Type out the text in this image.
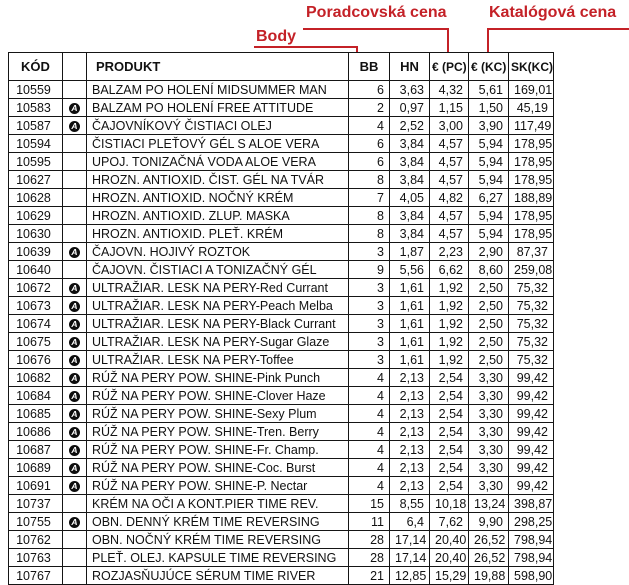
Body
Poradcovská cena	Katalógová cena
KÓD		PRODUKT	BB	HN	€ (PC)	€ (KC)	SK(KC)
10559		BALZAM PO HOLENÍ MIDSUMMER MAN	6	3,63	4,32	5,61	169,01
10583	A	BALZAM PO HOLENÍ FREE ATTITUDE	2	0,97	1,15	1,50	45,19
10587	A	ČAJOVNÍKOVÝ ČISTIACI OLEJ	4	2,52	3,00	3,90	117,49
10594		ČISTIACI PLEŤOVÝ GÉL S ALOE VERA	6	3,84	4,57	5,94	178,95
10595		UPOJ. TONIZAČNÁ VODA ALOE VERA	6	3,84	4,57	5,94	178,95
10627		HROZN. ANTIOXID. ČIST. GÉL NA TVÁR	8	3,84	4,57	5,94	178,95
10628		HROZN. ANTIOXID. NOČNÝ KRÉM	7	4,05	4,82	6,27	188,89
10629		HROZN. ANTIOXID. ZLUP. MASKA	8	3,84	4,57	5,94	178,95
10630		HROZN. ANTIOXID. PLEŤ. KRÉM	8	3,84	4,57	5,94	178,95
10639	A	ČAJOVN. HOJIVÝ ROZTOK	3	1,87	2,23	2,90	87,37
10640		ČAJOVN. ČISTIACI A TONIZAČNÝ GÉL	9	5,56	6,62	8,60	259,08
10672	A	ULTRAŽIAR. LESK NA PERY-Red Currant	3	1,61	1,92	2,50	75,32
10673	A	ULTRAŽIAR. LESK NA PERY-Peach Melba	3	1,61	1,92	2,50	75,32
10674	A	ULTRAŽIAR. LESK NA PERY-Black Currant	3	1,61	1,92	2,50	75,32
10675	A	ULTRAŽIAR. LESK NA PERY-Sugar Glaze	3	1,61	1,92	2,50	75,32
10676	A	ULTRAŽIAR. LESK NA PERY-Toffee	3	1,61	1,92	2,50	75,32
10682	A	RÚŽ NA PERY POW. SHINE-Pink Punch	4	2,13	2,54	3,30	99,42
10684	A	RÚŽ NA PERY POW. SHINE-Clover Haze	4	2,13	2,54	3,30	99,42
10685	A	RÚŽ NA PERY POW. SHINE-Sexy Plum	4	2,13	2,54	3,30	99,42
10686	A	RÚŽ NA PERY POW. SHINE-Tren. Berry	4	2,13	2,54	3,30	99,42
10687	A	RÚŽ NA PERY POW. SHINE-Fr. Champ.	4	2,13	2,54	3,30	99,42
10689	A	RÚŽ NA PERY POW. SHINE-Coc. Burst	4	2,13	2,54	3,30	99,42
10691	A	RÚŽ NA PERY POW. SHINE-P. Nectar	4	2,13	2,54	3,30	99,42
10737		KRÉM NA OČI A KONT.PIER TIME REV.	15	8,55	10,18	13,24	398,87
10755	A	OBN. DENNÝ KRÉM TIME REVERSING	11	6,4	7,62	9,90	298,25
10762		OBN. NOČNÝ KRÉM TIME REVERSING	28	17,14	20,40	26,52	798,94
10763		PLEŤ. OLEJ. KAPSULE TIME REVERSING	28	17,14	20,40	26,52	798,94
10767		ROZJASŇUJÚCE SÉRUM TIME RIVER	21	12,85	15,29	19,88	598,90
